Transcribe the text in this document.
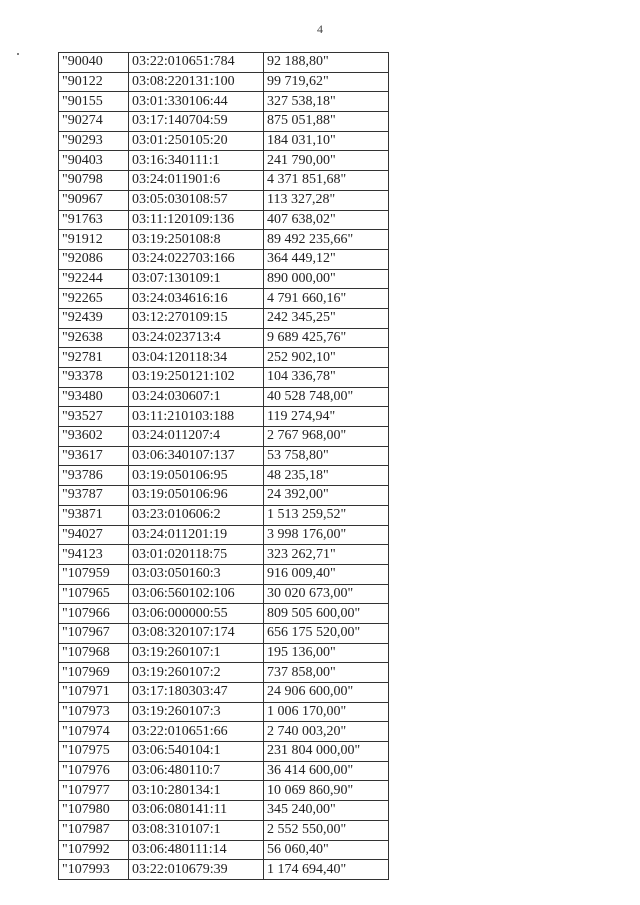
4
"90040	03:22:010651:784	92 188,80"
"90122	03:08:220131:100	99 719,62"
"90155	03:01:330106:44	327 538,18"
"90274	03:17:140704:59	875 051,88"
"90293	03:01:250105:20	184 031,10"
"90403	03:16:340111:1	241 790,00"
"90798	03:24:011901:6	4 371 851,68"
"90967	03:05:030108:57	113 327,28"
"91763	03:11:120109:136	407 638,02"
"91912	03:19:250108:8	89 492 235,66"
"92086	03:24:022703:166	364 449,12"
"92244	03:07:130109:1	890 000,00"
"92265	03:24:034616:16	4 791 660,16"
"92439	03:12:270109:15	242 345,25"
"92638	03:24:023713:4	9 689 425,76"
"92781	03:04:120118:34	252 902,10"
"93378	03:19:250121:102	104 336,78"
"93480	03:24:030607:1	40 528 748,00"
"93527	03:11:210103:188	119 274,94"
"93602	03:24:011207:4	2 767 968,00"
"93617	03:06:340107:137	53 758,80"
"93786	03:19:050106:95	48 235,18"
"93787	03:19:050106:96	24 392,00"
"93871	03:23:010606:2	1 513 259,52"
"94027	03:24:011201:19	3 998 176,00"
"94123	03:01:020118:75	323 262,71"
"107959	03:03:050160:3	916 009,40"
"107965	03:06:560102:106	30 020 673,00"
"107966	03:06:000000:55	809 505 600,00"
"107967	03:08:320107:174	656 175 520,00"
"107968	03:19:260107:1	195 136,00"
"107969	03:19:260107:2	737 858,00"
"107971	03:17:180303:47	24 906 600,00"
"107973	03:19:260107:3	1 006 170,00"
"107974	03:22:010651:66	2 740 003,20"
"107975	03:06:540104:1	231 804 000,00"
"107976	03:06:480110:7	36 414 600,00"
"107977	03:10:280134:1	10 069 860,90"
"107980	03:06:080141:11	345 240,00"
"107987	03:08:310107:1	2 552 550,00"
"107992	03:06:480111:14	56 060,40"
"107993	03:22:010679:39	1 174 694,40"
